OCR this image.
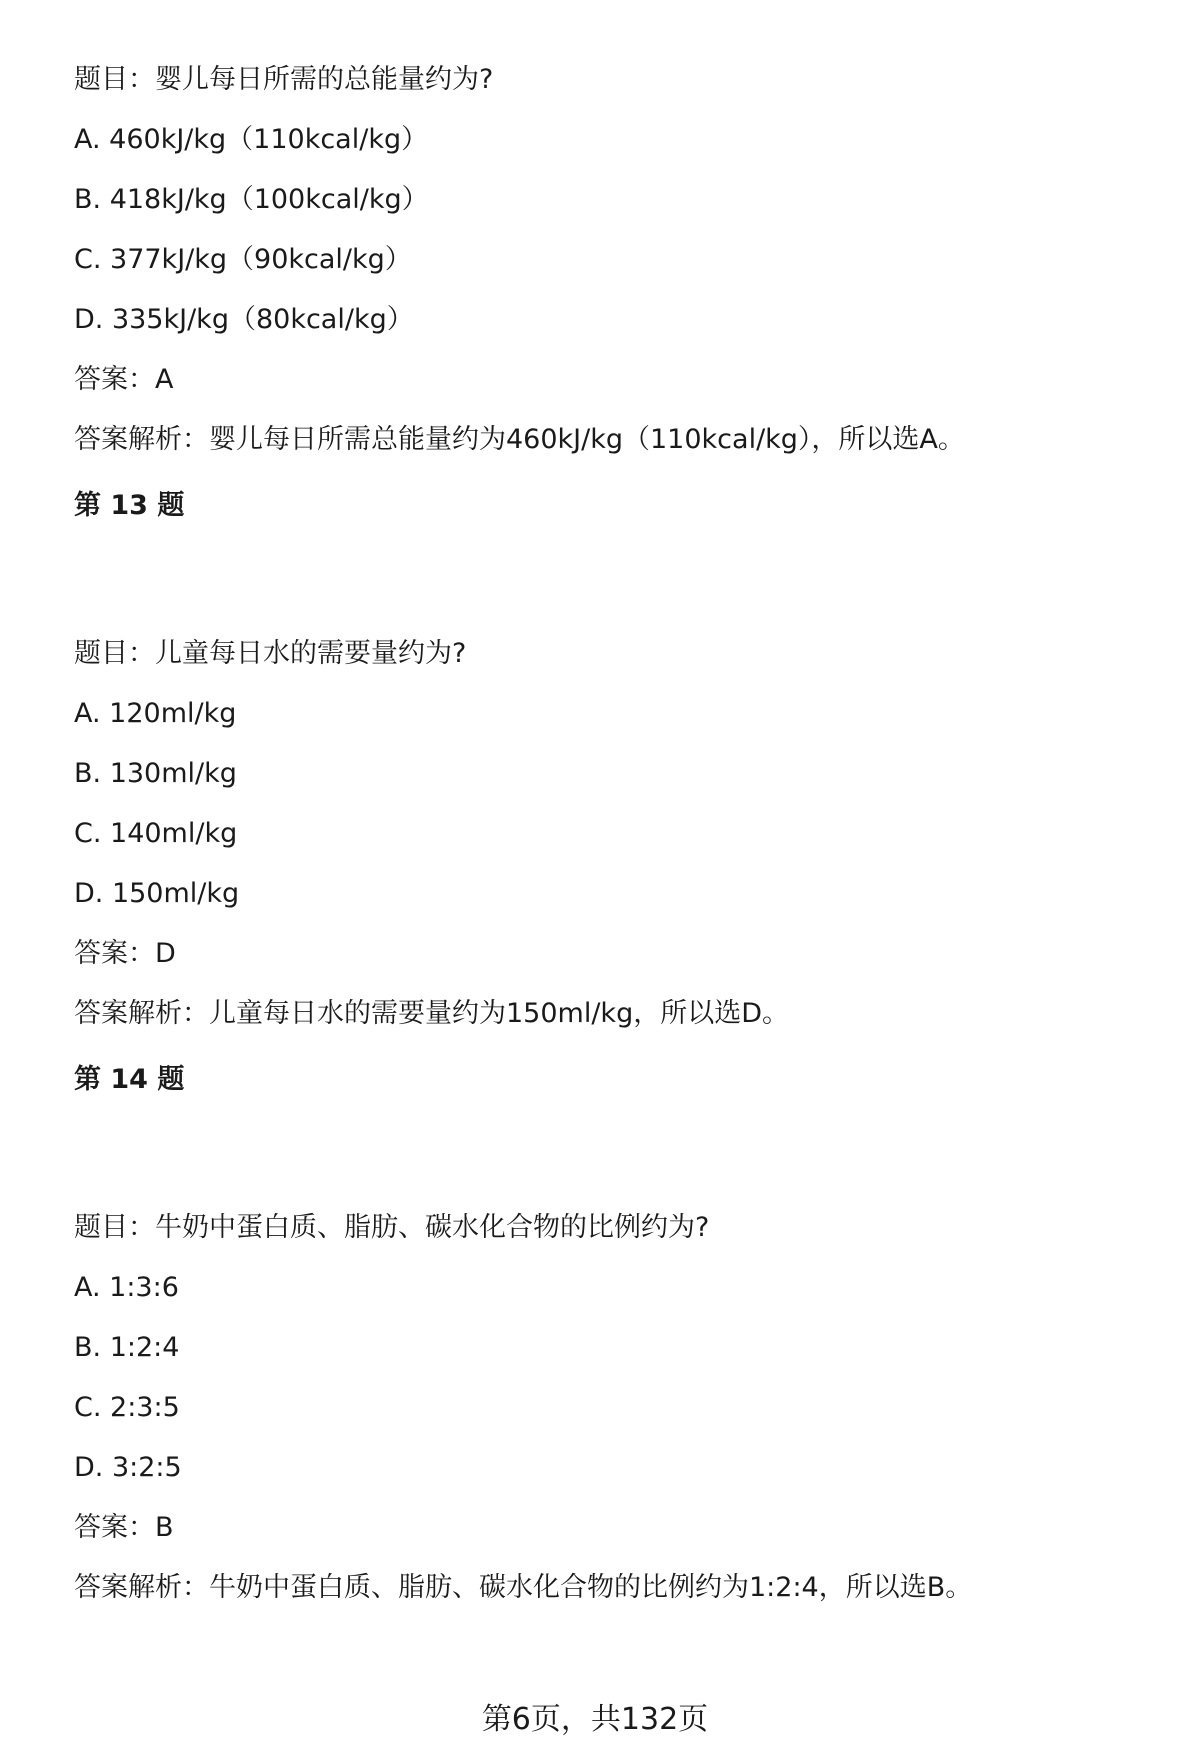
题目：婴儿每日所需的总能量约为?
A. 460kJ/kg（110kcal/kg）
B. 418kJ/kg（100kcal/kg）
C. 377kJ/kg（90kcal/kg）
D. 335kJ/kg（80kcal/kg）
答案：A
答案解析：婴儿每日所需总能量约为460kJ/kg（110kcal/kg），所以选A。
第 13 题
题目：儿童每日水的需要量约为?
A. 120ml/kg
B. 130ml/kg
C. 140ml/kg
D. 150ml/kg
答案：D
答案解析：儿童每日水的需要量约为150ml/kg，所以选D。
第 14 题
题目：牛奶中蛋白质、脂肪、碳水化合物的比例约为?
A. 1:3:6
B. 1:2:4
C. 2:3:5
D. 3:2:5
答案：B
答案解析：牛奶中蛋白质、脂肪、碳水化合物的比例约为1:2:4，所以选B。
第6页，共132页
